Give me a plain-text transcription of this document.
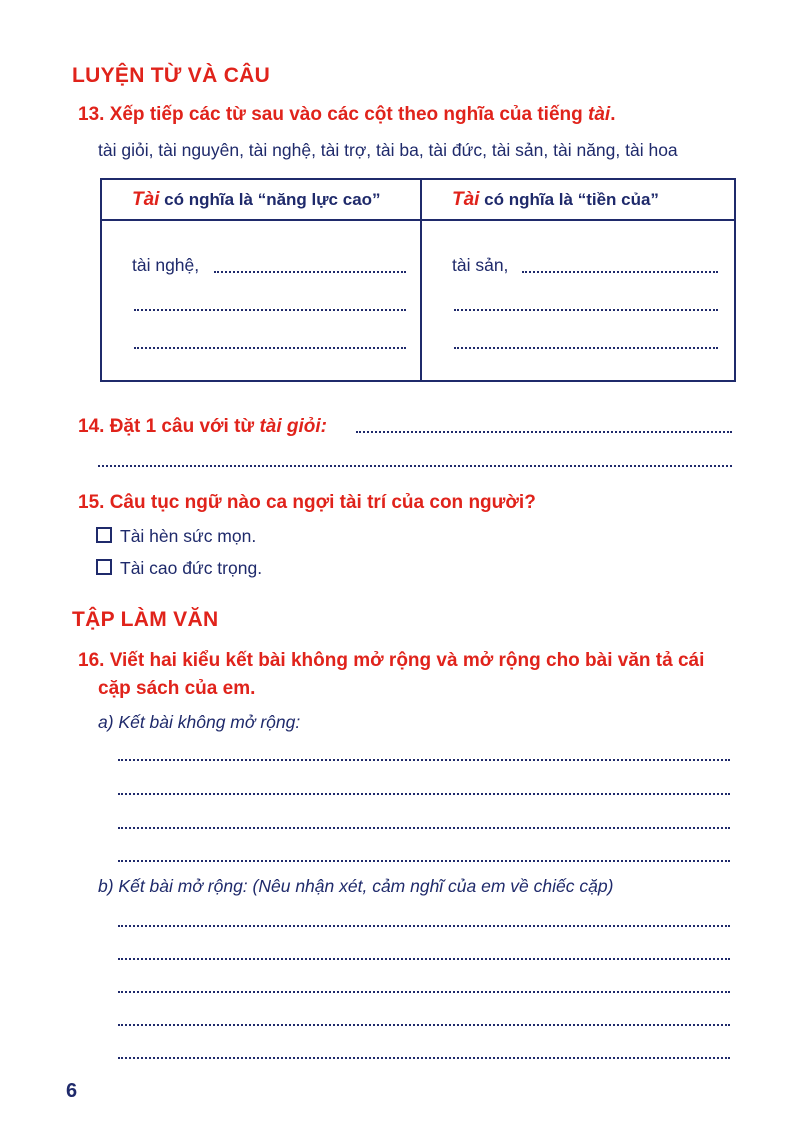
LUYỆN TỪ VÀ CÂU
13. Xếp tiếp các từ sau vào các cột theo nghĩa của tiếng tài.
tài giỏi, tài nguyên, tài nghệ, tài trợ, tài ba, tài đức, tài sản, tài năng, tài hoa
Tài có nghĩa là “năng lực cao”	Tài có nghĩa là “tiền của”
tài nghệ,	tài sản,
14. Đặt 1 câu với từ tài giỏi:
15. Câu tục ngữ nào ca ngợi tài trí của con người?
Tài hèn sức mọn.
Tài cao đức trọng.
TẬP LÀM VĂN
16. Viết hai kiểu kết bài không mở rộng và mở rộng cho bài văn tả cái
cặp sách của em.
a) Kết bài không mở rộng:
b) Kết bài mở rộng: (Nêu nhận xét, cảm nghĩ của em về chiếc cặp)
6
